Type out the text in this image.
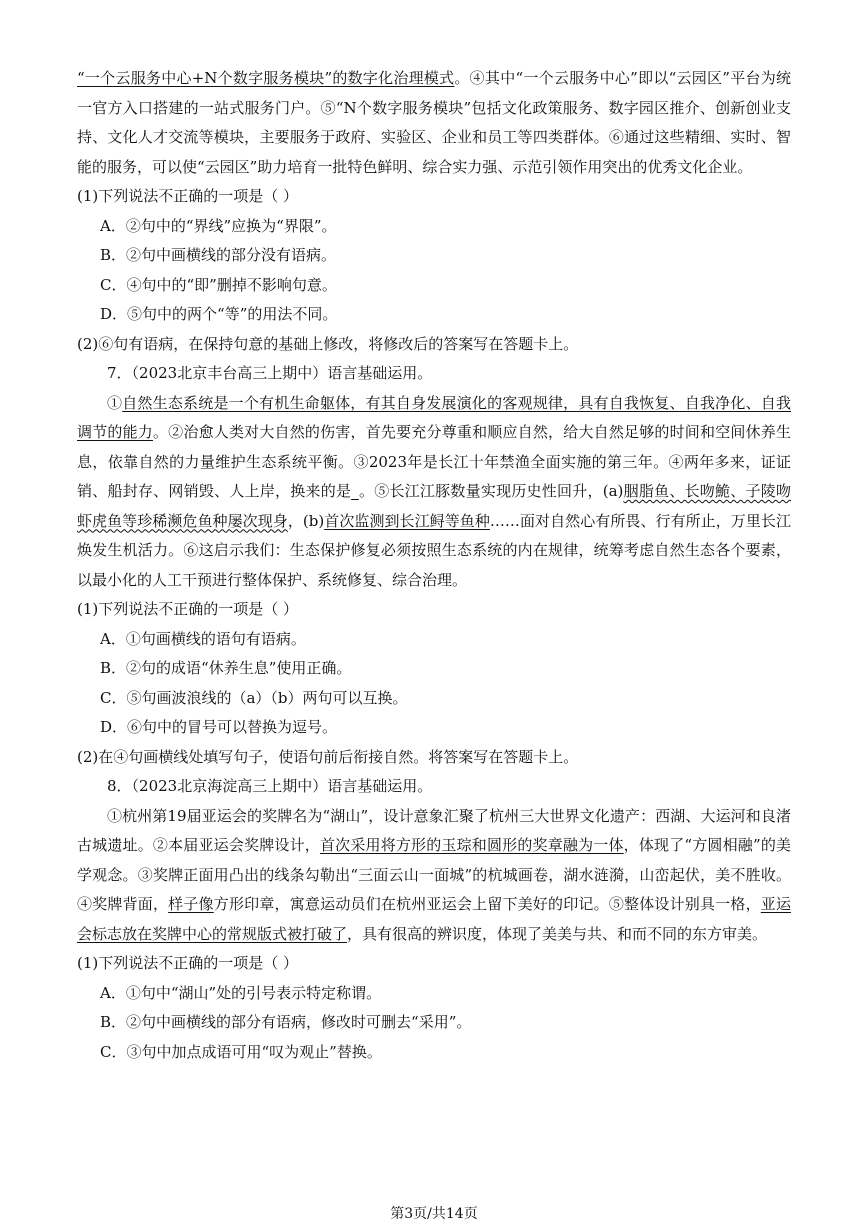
“一个云服务中心+N个数字服务模块”的数字化治理模式。④其中“一个云服务中心”即以“云园区”平台为统一官方入口搭建的一站式服务门户。⑤“N个数字服务模块”包括文化政策服务、数字园区推介、创新创业支持、文化人才交流等模块，主要服务于政府、实验区、企业和员工等四类群体。⑥通过这些精细、实时、智能的服务，可以使“云园区”助力培育一批特色鲜明、综合实力强、示范引领作用突出的优秀文化企业。

(1)下列说法不正确的一项是（ ）

A．②句中的“界线”应换为“界限”。

B．②句中画横线的部分没有语病。

C．④句中的“即”删掉不影响句意。

D．⑤句中的两个“等”的用法不同。

(2)⑥句有语病，在保持句意的基础上修改，将修改后的答案写在答题卡上。

7．（2023北京丰台高三上期中）语言基础运用。

①自然生态系统是一个有机生命躯体，有其自身发展演化的客观规律，具有自我恢复、自我净化、自我调节的能力。②治愈人类对大自然的伤害，首先要充分尊重和顺应自然，给大自然足够的时间和空间休养生息，依靠自然的力量维护生态系统平衡。③2023年是长江十年禁渔全面实施的第三年。④两年多来，证证销、船封存、网销毁、人上岸，换来的是_。⑤长江江豚数量实现历史性回升，(a)胭脂鱼、长吻鮠、子陵吻虾虎鱼等珍稀濒危鱼种屡次现身，(b)首次监测到长江鲟等鱼种……面对自然心有所畏、行有所止，万里长江焕发生机活力。⑥这启示我们：生态保护修复必须按照生态系统的内在规律，统筹考虑自然生态各个要素，以最小化的人工干预进行整体保护、系统修复、综合治理。

(1)下列说法不正确的一项是（ ）

A．①句画横线的语句有语病。

B．②句的成语“休养生息”使用正确。

C．⑤句画波浪线的（a）（b）两句可以互换。

D．⑥句中的冒号可以替换为逗号。

(2)在④句画横线处填写句子，使语句前后衔接自然。将答案写在答题卡上。

8．（2023北京海淀高三上期中）语言基础运用。

①杭州第19届亚运会的奖牌名为“湖山”，设计意象汇聚了杭州三大世界文化遗产：西湖、大运河和良渚古城遗址。②本届亚运会奖牌设计，首次采用将方形的玉琮和圆形的奖章融为一体，体现了“方圆相融”的美学观念。③奖牌正面用凸出的线条勾勒出“三面云山一面城”的杭城画卷，湖水涟漪，山峦起伏，美不胜收。④奖牌背面，样子像方形印章，寓意运动员们在杭州亚运会上留下美好的印记。⑤整体设计别具一格，亚运会标志放在奖牌中心的常规版式被打破了，具有很高的辨识度，体现了美美与共、和而不同的东方审美。

(1)下列说法不正确的一项是（ ）

A．①句中“湖山”处的引号表示特定称谓。

B．②句中画横线的部分有语病，修改时可删去“采用”。

C．③句中加点成语可用“叹为观止”替换。

第3页/共14页
